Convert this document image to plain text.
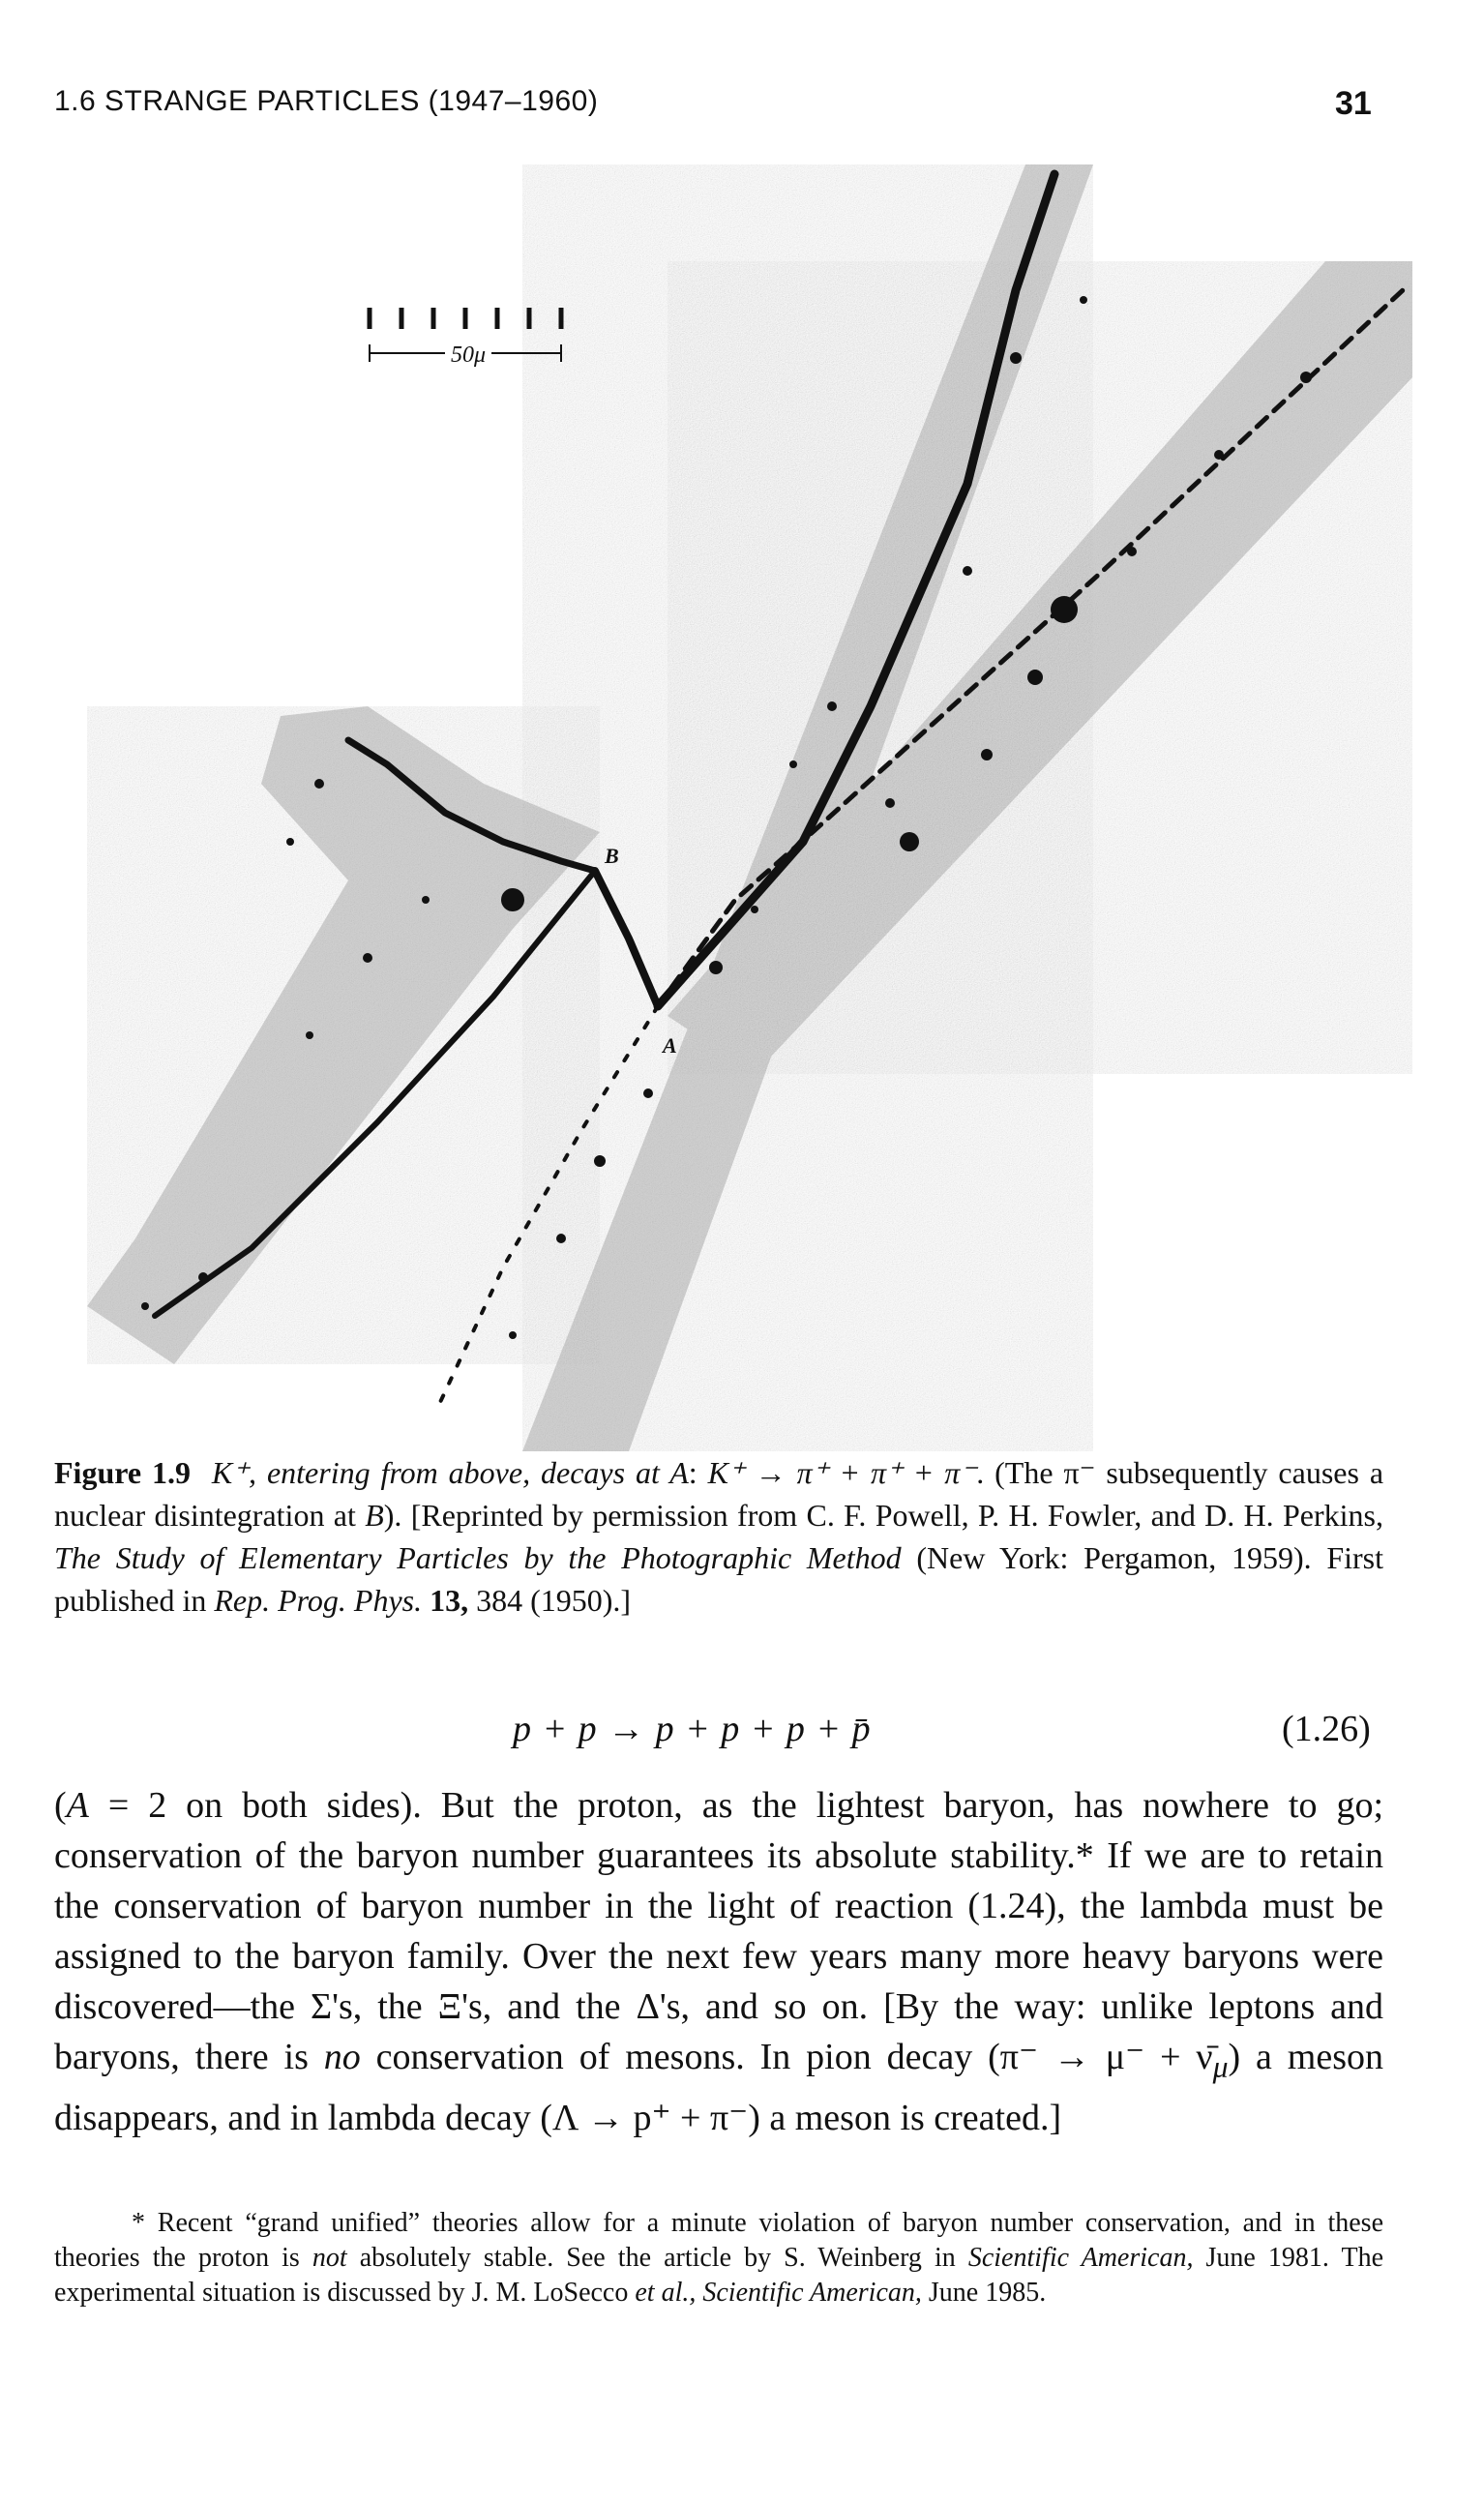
1.6 STRANGE PARTICLES (1947–1960)	31
50μ
A
B
Figure 1.9 K⁺, entering from above, decays at A: K⁺ → π⁺ + π⁺ + π⁻. (The π⁻ subsequently causes a nuclear disintegration at B). [Reprinted by permission from C. F. Powell, P. H. Fowler, and D. H. Perkins, The Study of Elementary Particles by the Photographic Method (New York: Pergamon, 1959). First published in Rep. Prog. Phys. 13, 384 (1950).]
p + p → p + p + p + p̄	(1.26)

(A = 2 on both sides). But the proton, as the lightest baryon, has nowhere to go; conservation of the baryon number guarantees its absolute stability.* If we are to retain the conservation of baryon number in the light of reaction (1.24), the lambda must be assigned to the baryon family. Over the next few years many more heavy baryons were discovered—the Σ's, the Ξ's, and the Δ's, and so on. [By the way: unlike leptons and baryons, there is no conservation of mesons. In pion decay $(\pi^- \to \mu^- + \nū_\mu)$ a meson disappears, and in lambda decay (Λ → p⁺ + π⁻) a meson is created.]

* Recent “grand unified” theories allow for a minute violation of baryon number conservation, and in these theories the proton is not absolutely stable. See the article by S. Weinberg in Scientific American, June 1981. The experimental situation is discussed by J. M. LoSecco et al., Scientific American, June 1985.
